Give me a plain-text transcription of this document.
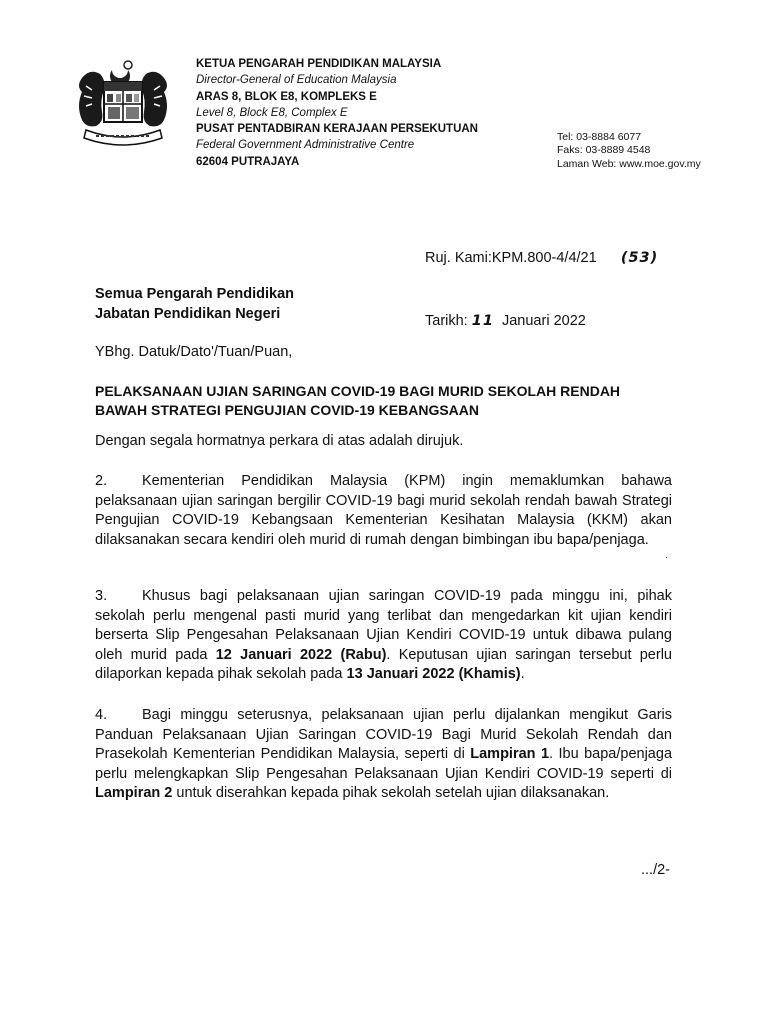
KETUA PENGARAH PENDIDIKAN MALAYSIA
Director-General of Education Malaysia
ARAS 8, BLOK E8, KOMPLEKS E
Level 8, Block E8, Complex E
PUSAT PENTADBIRAN KERAJAAN PERSEKUTUAN
Federal Government Administrative Centre
62604 PUTRAJAYA
Tel: 03-8884 6077
Faks: 03-8889 4548
Laman Web: www.moe.gov.my

Ruj. Kami:KPM.800-4/4/21 (53)

Tarikh: 11  Januari 2022

Semua Pengarah Pendidikan
Jabatan Pendidikan Negeri
YBhg. Datuk/Dato'/Tuan/Puan,
PELAKSANAAN UJIAN SARINGAN COVID-19 BAGI MURID SEKOLAH RENDAH
BAWAH STRATEGI PENGUJIAN COVID-19 KEBANGSAAN
Dengan segala hormatnya perkara di atas adalah dirujuk.
2. Kementerian Pendidikan Malaysia (KPM) ingin memaklumkan bahawa pelaksanaan ujian saringan bergilir COVID-19 bagi murid sekolah rendah bawah Strategi Pengujian COVID-19 Kebangsaan Kementerian Kesihatan Malaysia (KKM) akan dilaksanakan secara kendiri oleh murid di rumah dengan bimbingan ibu bapa/penjaga.
·
3. Khusus bagi pelaksanaan ujian saringan COVID-19 pada minggu ini, pihak sekolah perlu mengenal pasti murid yang terlibat dan mengedarkan kit ujian kendiri berserta Slip Pengesahan Pelaksanaan Ujian Kendiri COVID-19 untuk dibawa pulang oleh murid pada 12 Januari 2022 (Rabu). Keputusan ujian saringan tersebut perlu dilaporkan kepada pihak sekolah pada 13 Januari 2022 (Khamis).
4. Bagi minggu seterusnya, pelaksanaan ujian perlu dijalankan mengikut Garis Panduan Pelaksanaan Ujian Saringan COVID-19 Bagi Murid Sekolah Rendah dan Prasekolah Kementerian Pendidikan Malaysia, seperti di Lampiran 1. Ibu bapa/penjaga perlu melengkapkan Slip Pengesahan Pelaksanaan Ujian Kendiri COVID-19 seperti di Lampiran 2 untuk diserahkan kepada pihak sekolah setelah ujian dilaksanakan.
.../2-
